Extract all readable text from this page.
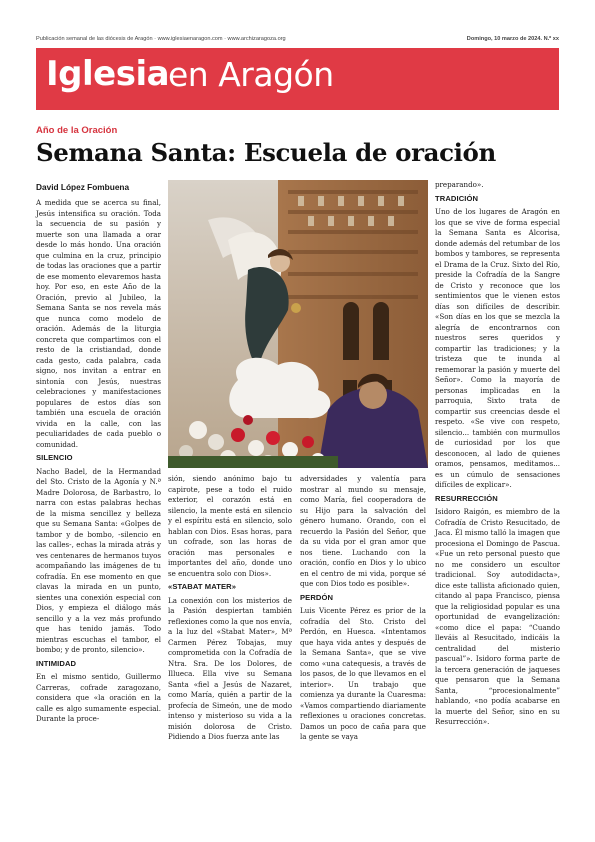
Publicación semanal de las diócesis de Aragón · www.iglesiaenaragon.com · www.archizaragoza.org	Domingo, 10 marzo de 2024. N.º xx
Iglesia
en Aragón
Año de la Oración
Semana Santa: Escuela de oración
David López Fombuena

A medida que se acerca su final, Jesús intensifica su oración. Toda la secuencia de su pasión y muerte son una llamada a orar desde lo más hondo. Una oración que culmina en la cruz, principio de todas las oraciones que a partir de ese momento elevaremos hasta hoy. Por eso, en este Año de la Oración, previo al Jubileo, la Semana Santa se nos revela más que nunca como modelo de oración. Además de la liturgia concreta que compartimos con el resto de la cristiandad, donde cada gesto, cada palabra, cada signo, nos invitan a entrar en sintonía con Jesús, nuestras celebraciones y manifestaciones populares de estos días son también una escuela de oración vivida en la calle, con las peculiaridades de cada pueblo o comunidad.

SILENCIO

Nacho Badel, de la Hermandad del Sto. Cristo de la Agonía y N.ª Madre Dolorosa, de Barbastro, lo narra con estas palabras hechas de la misma sencillez y belleza que su Semana Santa: «Golpes de tambor y de bombo, -silencio en las calles-, echas la mirada atrás y ves centenares de hermanos tuyos acompañando las imágenes de tu cofradía. En ese momento en que clavas la mirada en un punto, sientes una conexión especial con Dios, y empieza el diálogo más sencillo y a la vez más profundo que has tenido jamás. Todo mientras escuchas el tambor, el bombo; y de pronto, silencio».

INTIMIDAD

En el mismo sentido, Guillermo Carreras, cofrade zaragozano, considera que «la oración en la calle es algo sumamente especial. Durante la proce-

sión, siendo anónimo bajo tu capirote, pese a todo el ruido exterior, el corazón está en silencio, la mente está en silencio y el espíritu está en silencio, solo hablan con Dios. Esas horas, para un cofrade, son las horas de oración mas personales e importantes del año, donde uno se encuentra solo con Dios».

«STABAT MATER»

La conexión con los misterios de la Pasión despiertan también reflexiones como la que nos envía, a la luz del «Stabat Mater», Mª Carmen Pérez Tobajas, muy comprometida con la Cofradía de Ntra. Sra. De los Dolores, de Illueca. Ella vive su Semana Santa «fiel a Jesús de Nazaret, como María, quién a partir de la profecía de Simeón, une de modo intenso y misterioso su vida a la misión dolorosa de Cristo. Pidiendo a Dios fuerza ante las

adversidades y valentía para mostrar al mundo su mensaje, como María, fiel cooperadora de su Hijo para la salvación del género humano. Orando, con el recuerdo la Pasión del Señor, que da su vida por el gran amor que nos tiene. Luchando con la oración, confío en Dios y lo ubico en el centro de mi vida, porque sé que con Dios todo es posible».

PERDÓN

Luis Vicente Pérez es prior de la cofradía del Sto. Cristo del Perdón, en Huesca. «Intentamos que haya vida antes y después de la Semana Santa», que se vive como «una catequesis, a través de los pasos, de lo que llevamos en el interior». Un trabajo que comienza ya durante la Cuaresma: «Vamos compartiendo diariamente reflexiones u oraciones concretas. Damos un poco de caña para que la gente se vaya

preparando».

TRADICIÓN

Uno de los lugares de Aragón en los que se vive de forma especial la Semana Santa es Alcorisa, donde además del retumbar de los bombos y tambores, se representa el Drama de la Cruz. Sixto del Río, preside la Cofradía de la Sangre de Cristo y reconoce que los sentimientos que le vienen estos días son difíciles de describir. «Son días en los que se mezcla la alegría de encontrarnos con nuestros seres queridos y compartir las tradiciones; y la tristeza que te inunda al rememorar la pasión y muerte del Señor». Como la mayoría de personas implicadas en la parroquia, Sixto trata de compartir sus creencias desde el respeto. «Se vive con respeto, silencio... también con murmullos de curiosidad por los que desconocen, al lado de quienes oramos, pensamos, meditamos... es un cúmulo de sensaciones difíciles de explicar».

RESURRECCIÓN

Isidoro Raigón, es miembro de la Cofradía de Cristo Resucitado, de Jaca. Él mismo talló la imagen que procesiona el Domingo de Pascua. «Fue un reto personal puesto que no me considero un escultor tradicional. Soy autodidacta», dice este tallista aficionado quien, citando al papa Francisco, piensa que la religiosidad popular es una oportunidad de evangelización: «como dice el papa: “Cuando lleváis al Resucitado, indicáis la centralidad del misterio pascual”». Isidoro forma parte de la tercera generación de jaqueses que pensaron que la Semana Santa, “procesionalmente” hablando, «no podía acabarse en la muerte del Señor, sino en su Resurrección».
